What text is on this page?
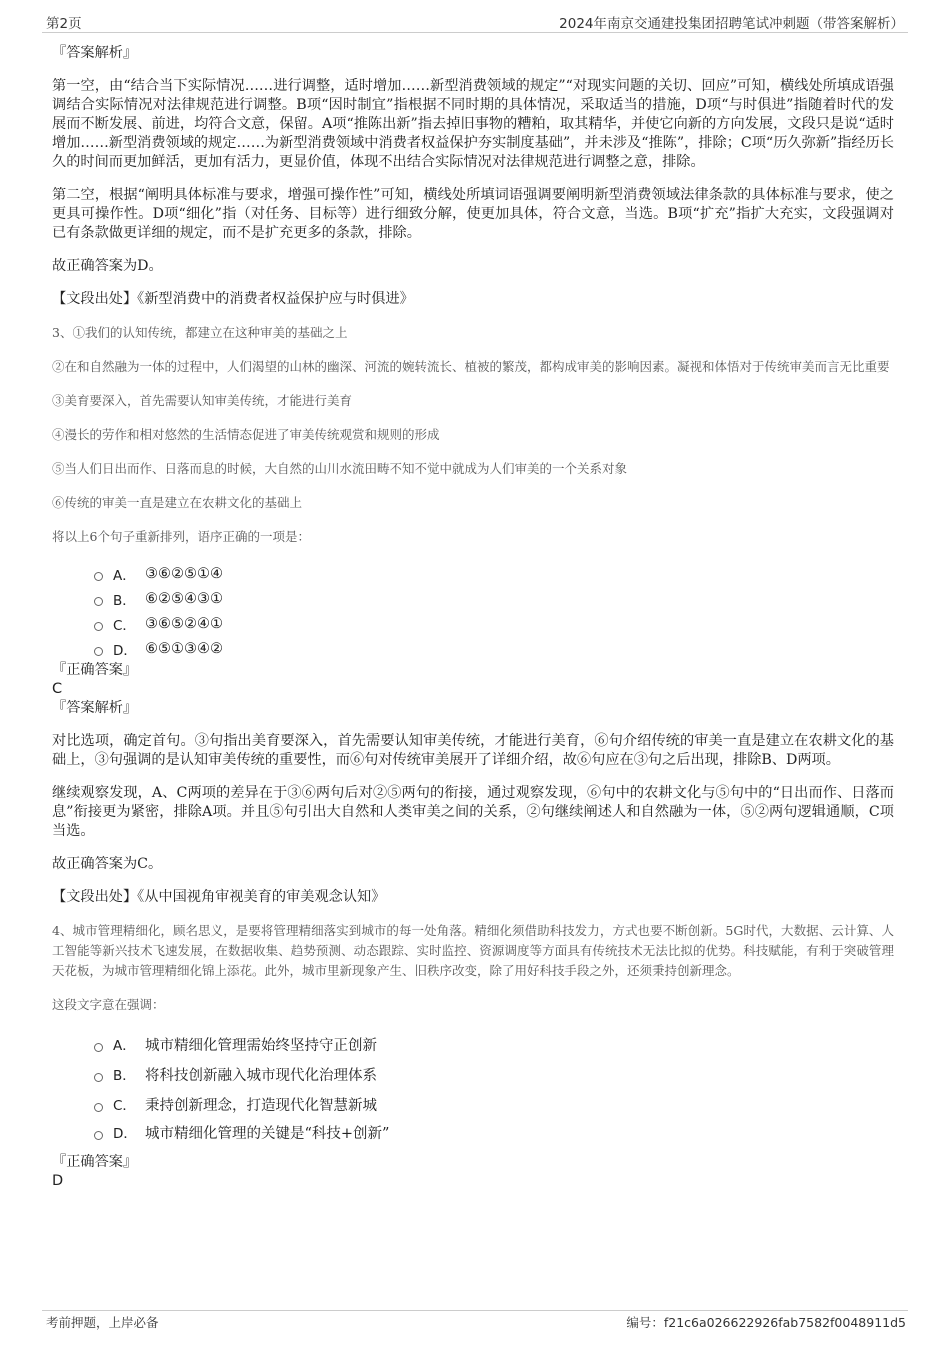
第2页	2024年南京交通建投集团招聘笔试冲刺题（带答案解析）
『答案解析』
第一空，由“结合当下实际情况……进行调整，适时增加……新型消费领域的规定”“对现实问题的关切、回应”可知，横线处所填成语强调结合实际情况对法律规范进行调整。B项“因时制宜”指根据不同时期的具体情况，采取适当的措施，D项“与时俱进”指随着时代的发展而不断发展、前进，均符合文意，保留。A项“推陈出新”指去掉旧事物的糟粕，取其精华，并使它向新的方向发展，文段只是说“适时增加……新型消费领域的规定……为新型消费领域中消费者权益保护夯实制度基础”，并未涉及“推陈”，排除；C项“历久弥新”指经历长久的时间而更加鲜活，更加有活力，更显价值，体现不出结合实际情况对法律规范进行调整之意，排除。
第二空，根据“阐明具体标准与要求，增强可操作性”可知，横线处所填词语强调要阐明新型消费领域法律条款的具体标准与要求，使之更具可操作性。D项“细化”指（对任务、目标等）进行细致分解，使更加具体，符合文意，当选。B项“扩充”指扩大充实，文段强调对已有条款做更详细的规定，而不是扩充更多的条款，排除。
故正确答案为D。
【文段出处】《新型消费中的消费者权益保护应与时俱进》
3、①我们的认知传统，都建立在这种审美的基础之上
②在和自然融为一体的过程中，人们渴望的山林的幽深、河流的婉转流长、植被的繁茂，都构成审美的影响因素。凝视和体悟对于传统审美而言无比重要
③美育要深入，首先需要认知审美传统，才能进行美育
④漫长的劳作和相对悠然的生活情态促进了审美传统观赏和规则的形成
⑤当人们日出而作、日落而息的时候，大自然的山川水流田畴不知不觉中就成为人们审美的一个关系对象
⑥传统的审美一直是建立在农耕文化的基础上
将以上6个句子重新排列，语序正确的一项是：
A． ③⑥②⑤①④
B． ⑥②⑤④③①
C． ③⑥⑤②④①
D． ⑥⑤①③④②
『正确答案』
C
『答案解析』
对比选项，确定首句。③句指出美育要深入，首先需要认知审美传统，才能进行美育，⑥句介绍传统的审美一直是建立在农耕文化的基础上，③句强调的是认知审美传统的重要性，而⑥句对传统审美展开了详细介绍，故⑥句应在③句之后出现，排除B、D两项。
继续观察发现，A、C两项的差异在于③⑥两句后对②⑤两句的衔接，通过观察发现，⑥句中的农耕文化与⑤句中的“日出而作、日落而息”衔接更为紧密，排除A项。并且⑤句引出大自然和人类审美之间的关系，②句继续阐述人和自然融为一体，⑤②两句逻辑通顺，C项当选。
故正确答案为C。
【文段出处】《从中国视角审视美育的审美观念认知》
4、城市管理精细化，顾名思义，是要将管理精细落实到城市的每一处角落。精细化须借助科技发力，方式也要不断创新。5G时代，大数据、云计算、人工智能等新兴技术飞速发展，在数据收集、趋势预测、动态跟踪、实时监控、资源调度等方面具有传统技术无法比拟的优势。科技赋能，有利于突破管理天花板，为城市管理精细化锦上添花。此外，城市里新现象产生、旧秩序改变，除了用好科技手段之外，还须秉持创新理念。
这段文字意在强调：
A． 城市精细化管理需始终坚持守正创新
B． 将科技创新融入城市现代化治理体系
C． 秉持创新理念，打造现代化智慧新城
D． 城市精细化管理的关键是“科技+创新”
『正确答案』
D
考前押题，上岸必备	编号：f21c6a026622926fab7582f0048911d5
